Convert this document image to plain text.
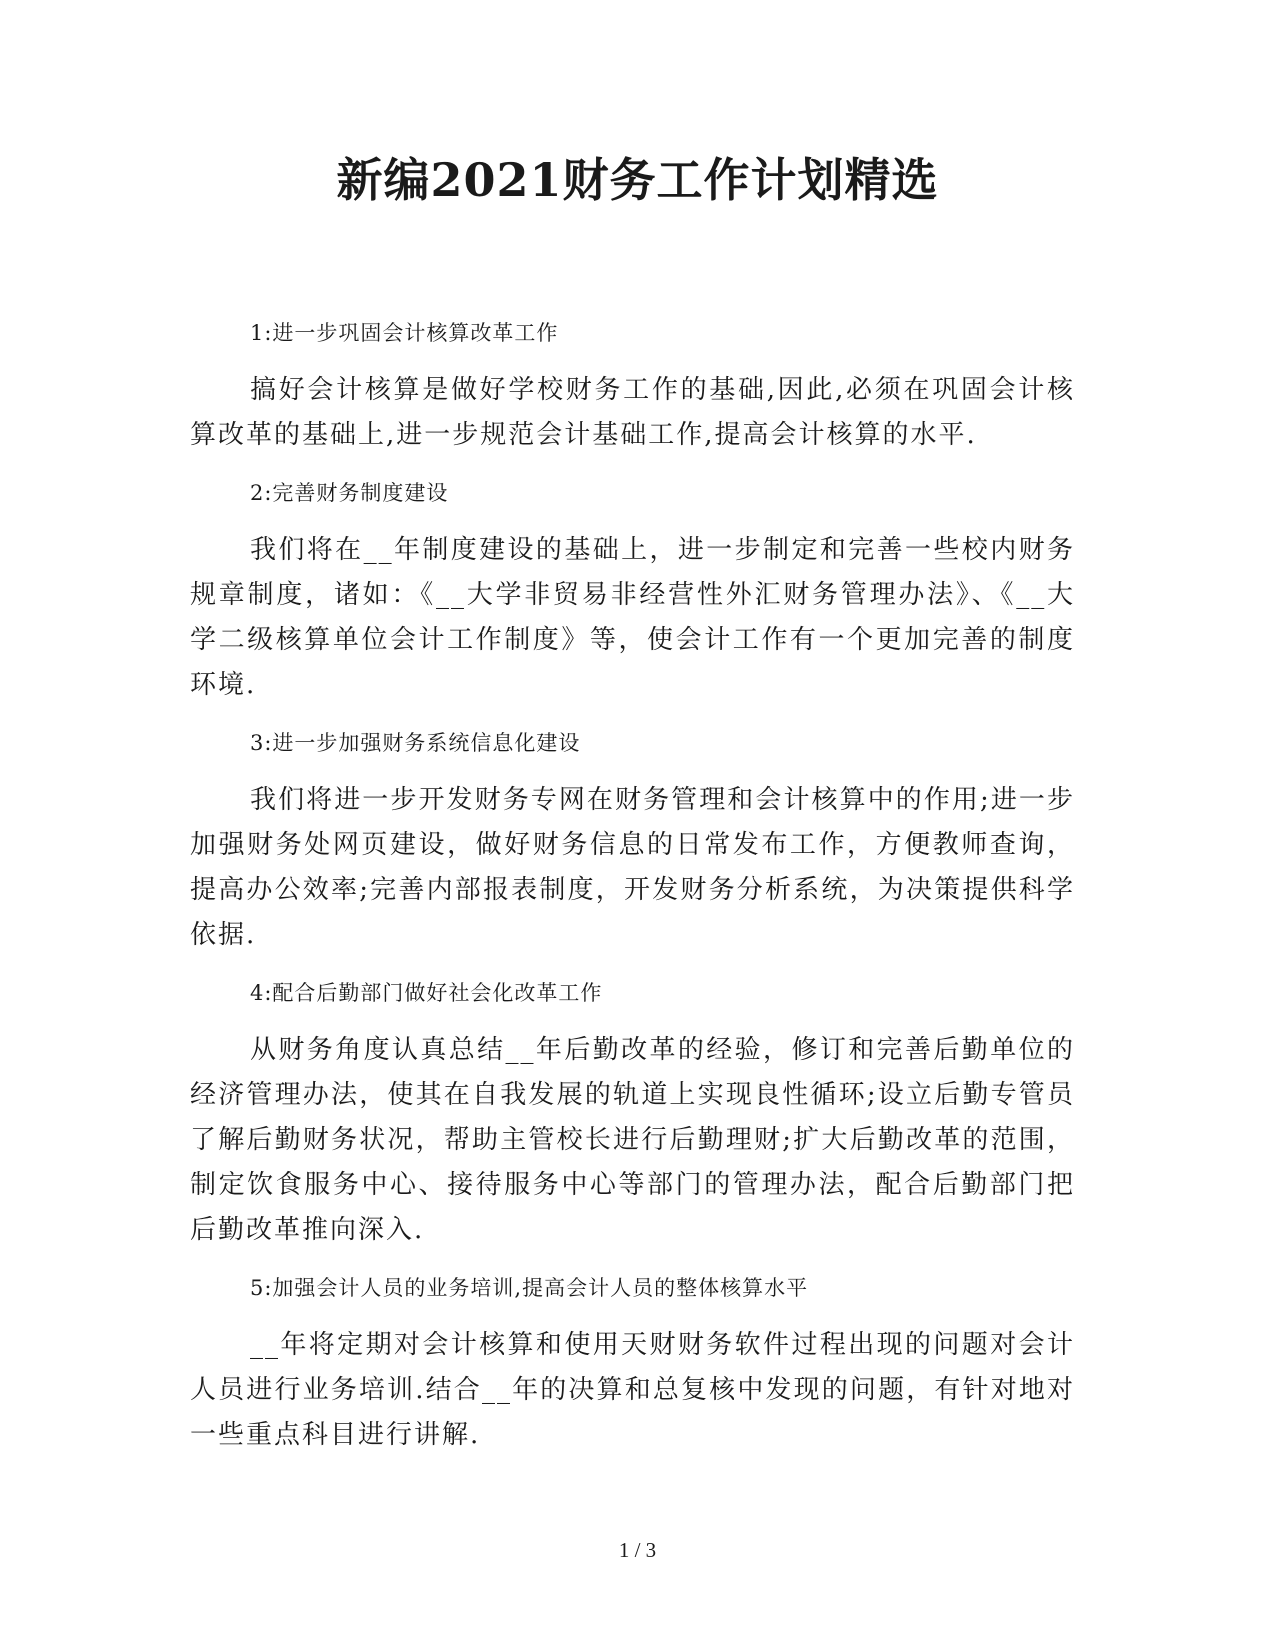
新编2021财务工作计划精选

1:进一步巩固会计核算改革工作

搞好会计核算是做好学校财务工作的基础,因此,必须在巩固会计核算改革的基础上,进一步规范会计基础工作,提高会计核算的水平.

2:完善财务制度建设

我们将在__年制度建设的基础上，进一步制定和完善一些校内财务规章制度，诸如：《__大学非贸易非经营性外汇财务管理办法》、《__大学二级核算单位会计工作制度》等，使会计工作有一个更加完善的制度环境.

3:进一步加强财务系统信息化建设

我们将进一步开发财务专网在财务管理和会计核算中的作用;进一步加强财务处网页建设，做好财务信息的日常发布工作，方便教师查询，提高办公效率;完善内部报表制度，开发财务分析系统，为决策提供科学依据.

4:配合后勤部门做好社会化改革工作

从财务角度认真总结__年后勤改革的经验，修订和完善后勤单位的经济管理办法，使其在自我发展的轨道上实现良性循环;设立后勤专管员了解后勤财务状况，帮助主管校长进行后勤理财;扩大后勤改革的范围，制定饮食服务中心、接待服务中心等部门的管理办法，配合后勤部门把后勤改革推向深入.

5:加强会计人员的业务培训,提高会计人员的整体核算水平

__年将定期对会计核算和使用天财财务软件过程出现的问题对会计人员进行业务培训.结合__年的决算和总复核中发现的问题，有针对地对一些重点科目进行讲解.

1 / 3
